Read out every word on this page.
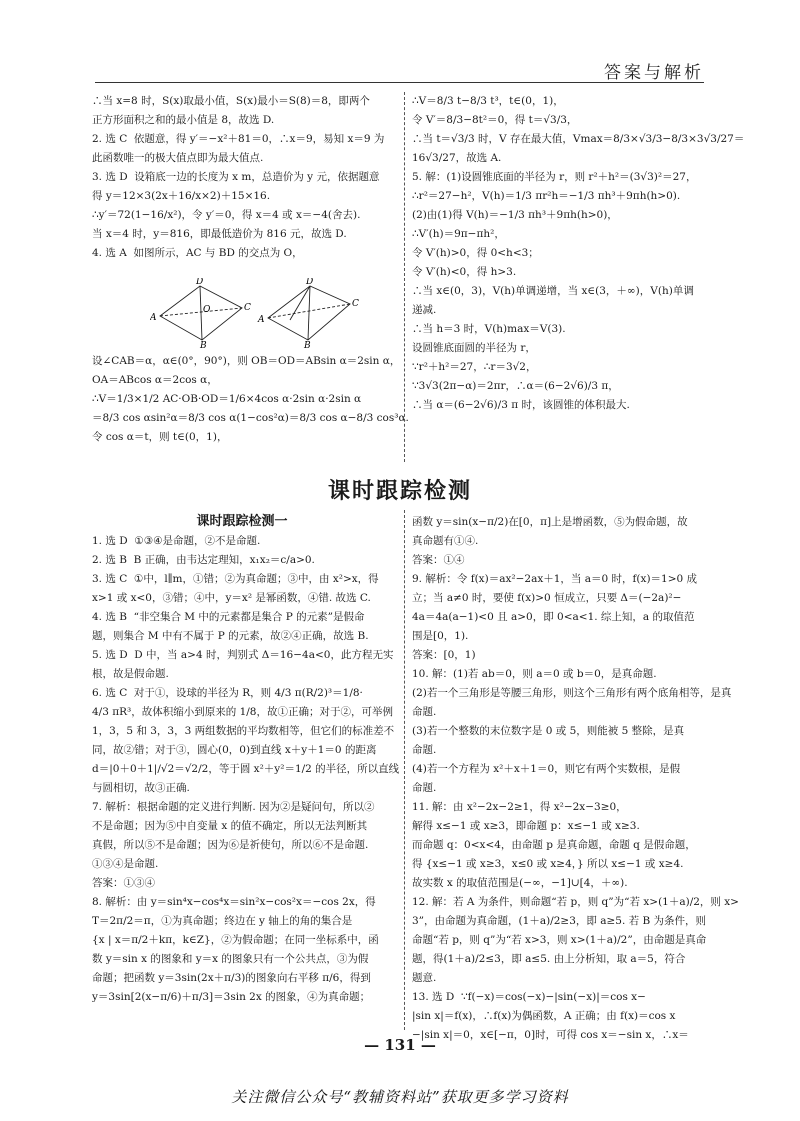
答案与解析

∴当 x=8 时，S(x)取最小值，S(x)最小＝S(8)＝8，即两个

正方形面积之和的最小值是 8，故选 D.

2. 选 C  依题意，得 y′＝−x²＋81＝0，∴x＝9，易知 x＝9 为

此函数唯一的极大值点即为最大值点.

3. 选 D  设箱底一边的长度为 x m，总造价为 y 元，依据题意

得 y＝12×3(2x＋16/x×2)＋15×16.

∴y′＝72(1−16/x²)，令 y′＝0，得 x＝4 或 x＝−4(舍去).

当 x＝4 时，y＝816，即最低造价为 816 元，故选 D.

4. 选 A  如图所示，AC 与 BD 的交点为 O，

A
D
C
B
O
A
D
C
B

设∠CAB＝α，α∈(0°，90°)，则 OB＝OD＝ABsin α＝2sin α，

OA＝ABcos α＝2cos α，

∴V＝1/3×1/2 AC·OB·OD＝1/6×4cos α·2sin α·2sin α

＝8/3 cos αsin²α＝8/3 cos α(1−cos²α)＝8/3 cos α−8/3 cos³α.

令 cos α＝t，则 t∈(0，1)，

∴V＝8/3 t−8/3 t³，t∈(0，1)，

令 V′＝8/3−8t²＝0，得 t＝√3/3，

∴当 t＝√3/3 时，V 存在最大值，Vmax＝8/3×√3/3−8/3×3√3/27＝

16√3/27，故选 A.

5. 解：(1)设圆锥底面的半径为 r，则 r²＋h²＝(3√3)²＝27，

∴r²＝27−h²，V(h)＝1/3 πr²h＝−1/3 πh³＋9πh(h>0).

(2)由(1)得 V(h)＝−1/3 πh³＋9πh(h>0)，

∴V′(h)＝9π−πh²，

令 V′(h)>0，得 0<h<3；

令 V′(h)<0，得 h>3.

∴当 x∈(0，3)，V(h)单调递增，当 x∈(3，＋∞)，V(h)单调

递减.

∴当 h＝3 时，V(h)max＝V(3).

设圆锥底面圆的半径为 r，

∵r²＋h²＝27，∴r＝3√2，

∵3√3(2π−α)＝2πr，∴α＝(6−2√6)/3 π，

∴当 α＝(6−2√6)/3 π 时，该圆锥的体积最大.

课时跟踪检测
课时跟踪检测一

1. 选 D  ①③④是命题，②不是命题.

2. 选 B  B 正确，由韦达定理知，x₁x₂＝c/a>0.

3. 选 C  ①中，l∥m，①错；②为真命题；③中，由 x²>x，得

x>1 或 x<0，③错；④中，y＝x² 是幂函数，④错. 故选 C.

4. 选 B  “非空集合 M 中的元素都是集合 P 的元素”是假命

题，则集合 M 中有不属于 P 的元素，故②④正确，故选 B.

5. 选 D  D 中，当 a>4 时，判别式 Δ＝16−4a<0，此方程无实

根，故是假命题.

6. 选 C  对于①，设球的半径为 R，则 4/3 π(R/2)³＝1/8·

4/3 πR³，故体积缩小到原来的 1/8，故①正确；对于②，可举例

1，3，5 和 3，3，3 两组数据的平均数相等，但它们的标准差不

同，故②错；对于③，圆心(0，0)到直线 x＋y＋1＝0 的距离

d＝|0＋0＋1|/√2＝√2/2，等于圆 x²＋y²＝1/2 的半径，所以直线

与圆相切，故③正确.

7. 解析：根据命题的定义进行判断. 因为②是疑问句，所以②

不是命题；因为⑤中自变量 x 的值不确定，所以无法判断其

真假，所以⑤不是命题；因为⑥是祈使句，所以⑥不是命题.

①③④是命题.

答案：①③④

8. 解析：由 y＝sin⁴x−cos⁴x＝sin²x−cos²x＝−cos 2x，得

T＝2π/2＝π，①为真命题；终边在 y 轴上的角的集合是

{x | x＝π/2＋kπ，k∈Z}，②为假命题；在同一坐标系中，函

数 y＝sin x 的图象和 y＝x 的图象只有一个公共点，③为假

命题；把函数 y＝3sin(2x＋π/3)的图象向右平移 π/6，得到

y＝3sin[2(x−π/6)＋π/3]＝3sin 2x 的图象，④为真命题；

函数 y＝sin(x−π/2)在[0，π]上是增函数，⑤为假命题，故

真命题有①④.

答案：①④

9. 解析：令 f(x)＝ax²−2ax＋1，当 a＝0 时，f(x)＝1>0 成

立；当 a≠0 时，要使 f(x)>0 恒成立，只要 Δ＝(−2a)²−

4a＝4a(a−1)<0 且 a>0，即 0<a<1. 综上知，a 的取值范

围是[0，1).

答案：[0，1)

10. 解：(1)若 ab＝0，则 a＝0 或 b＝0，是真命题.

(2)若一个三角形是等腰三角形，则这个三角形有两个底角相等，是真

命题.

(3)若一个整数的末位数字是 0 或 5，则能被 5 整除，是真

命题.

(4)若一个方程为 x²＋x＋1＝0，则它有两个实数根，是假

命题.

11. 解：由 x²−2x−2≥1，得 x²−2x−3≥0，

解得 x≤−1 或 x≥3，即命题 p：x≤−1 或 x≥3.

而命题 q：0<x<4，由命题 p 是真命题，命题 q 是假命题，

得 {x≤−1 或 x≥3，x≤0 或 x≥4，} 所以 x≤−1 或 x≥4.

故实数 x 的取值范围是(−∞，−1]∪[4，＋∞).

12. 解：若 A 为条件，则命题“若 p，则 q”为“若 x>(1＋a)/2，则 x>

3”，由命题为真命题，(1＋a)/2≥3，即 a≥5. 若 B 为条件，则

命题“若 p，则 q”为“若 x>3，则 x>(1＋a)/2”，由命题是真命

题，得(1＋a)/2≤3，即 a≤5. 由上分析知，取 a＝5，符合

题意.

13. 选 D  ∵f(−x)＝cos(−x)−|sin(−x)|＝cos x−

|sin x|＝f(x)，∴f(x)为偶函数，A 正确；由 f(x)＝cos x

−|sin x|＝0，x∈[−π，0]时，可得 cos x＝−sin x，∴x＝

— 131 —
关注微信公众号“教辅资料站”获取更多学习资料
